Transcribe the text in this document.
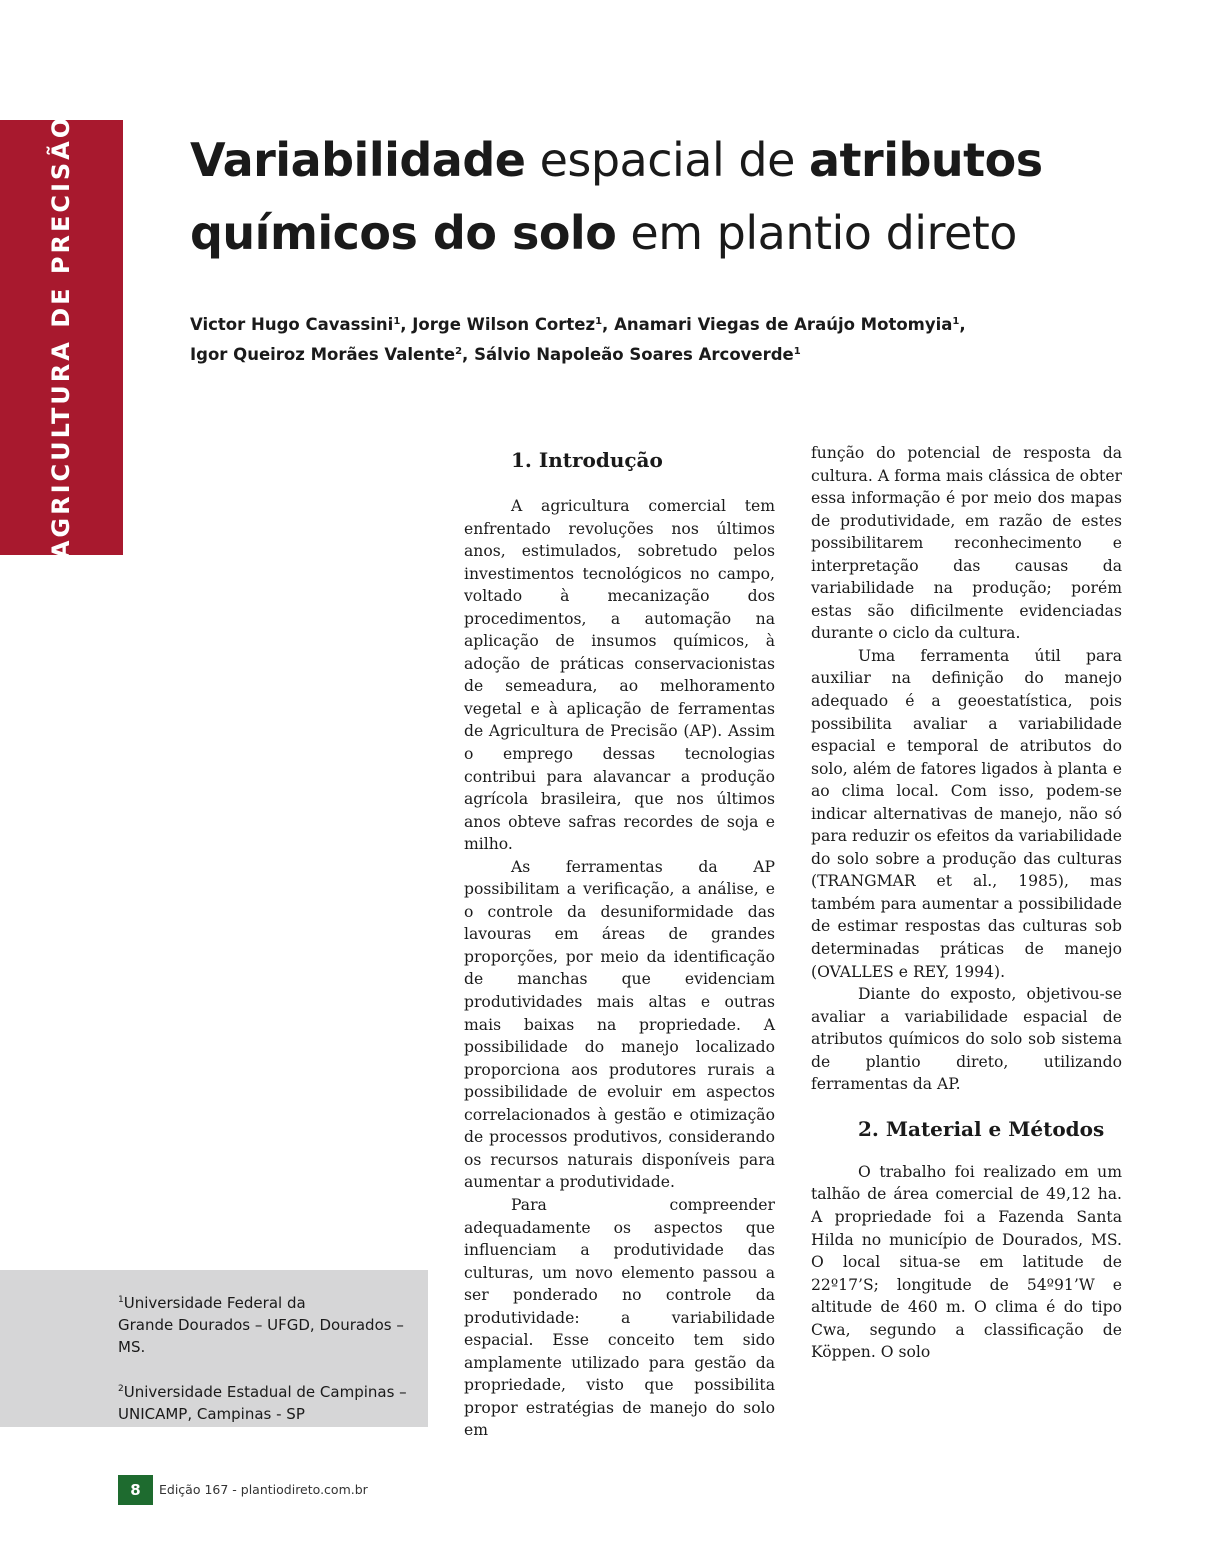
AGRICULTURA DE PRECISÃO	Variabilidade espacial de atributos químicos do solo em plantio direto
Victor Hugo Cavassini$^1$, Jorge Wilson Cortez$^1$, Anamari Viegas de Araújo Motomyia$^1$,
Igor Queiroz Morães Valente$^2$, Sálvio Napoleão Soares Arcoverde$^1$
1. Introdução

A agricultura comercial tem enfrentado revoluções nos últimos anos, estimulados, sobretudo pelos investimentos tecnológicos no campo, voltado à mecanização dos procedimentos, a automação na aplicação de insumos químicos, à adoção de práticas conservacionistas de semeadura, ao melhoramento vegetal e à aplicação de ferramentas de Agricultura de Precisão (AP). Assim o emprego dessas tecnologias contribui para alavancar a produção agrícola brasileira, que nos últimos anos obteve safras recordes de soja e milho.

As ferramentas da AP possibilitam a verificação, a análise, e o controle da desuniformidade das lavouras em áreas de grandes proporções, por meio da identificação de manchas que evidenciam produtividades mais altas e outras mais baixas na propriedade. A possibilidade do manejo localizado proporciona aos produtores rurais a possibilidade de evoluir em aspectos correlacionados à gestão e otimização de processos produtivos, considerando os recursos naturais disponíveis para aumentar a produtividade.

Para compreender adequadamente os aspectos que influenciam a produtividade das culturas, um novo elemento passou a ser ponderado no controle da produtividade: a variabilidade espacial. Esse conceito tem sido amplamente utilizado para gestão da propriedade, visto que possibilita propor estratégias de manejo do solo em

função do potencial de resposta da cultura. A forma mais clássica de obter essa informação é por meio dos mapas de produtividade, em razão de estes possibilitarem reconhecimento e interpretação das causas da variabilidade na produção; porém estas são dificilmente evidenciadas durante o ciclo da cultura.

Uma ferramenta útil para auxiliar na definição do manejo adequado é a geoestatística, pois possibilita avaliar a variabilidade espacial e temporal de atributos do solo, além de fatores ligados à planta e ao clima local. Com isso, podem-se indicar alternativas de manejo, não só para reduzir os efeitos da variabilidade do solo sobre a produção das culturas (TRANGMAR et al., 1985), mas também para aumentar a possibilidade de estimar respostas das culturas sob determinadas práticas de manejo (OVALLES e REY, 1994).

Diante do exposto, objetivou-se avaliar a variabilidade espacial de atributos químicos do solo sob sistema de plantio direto, utilizando ferramentas da AP.

2. Material e Métodos

O trabalho foi realizado em um talhão de área comercial de 49,12 ha. A propriedade foi a Fazenda Santa Hilda no município de Dourados, MS. O local situa-se em latitude de 22º17’S; longitude de 54º91’W e altitude de 460 m. O clima é do tipo Cwa, segundo a classificação de Köppen. O solo

$^1$Universidade Federal da
Grande Dourados – UFGD, Dourados – MS.
$^2$Universidade Estadual de Campinas –
UNICAMP, Campinas - SP
8	Edição 167 - plantiodireto.com.br
